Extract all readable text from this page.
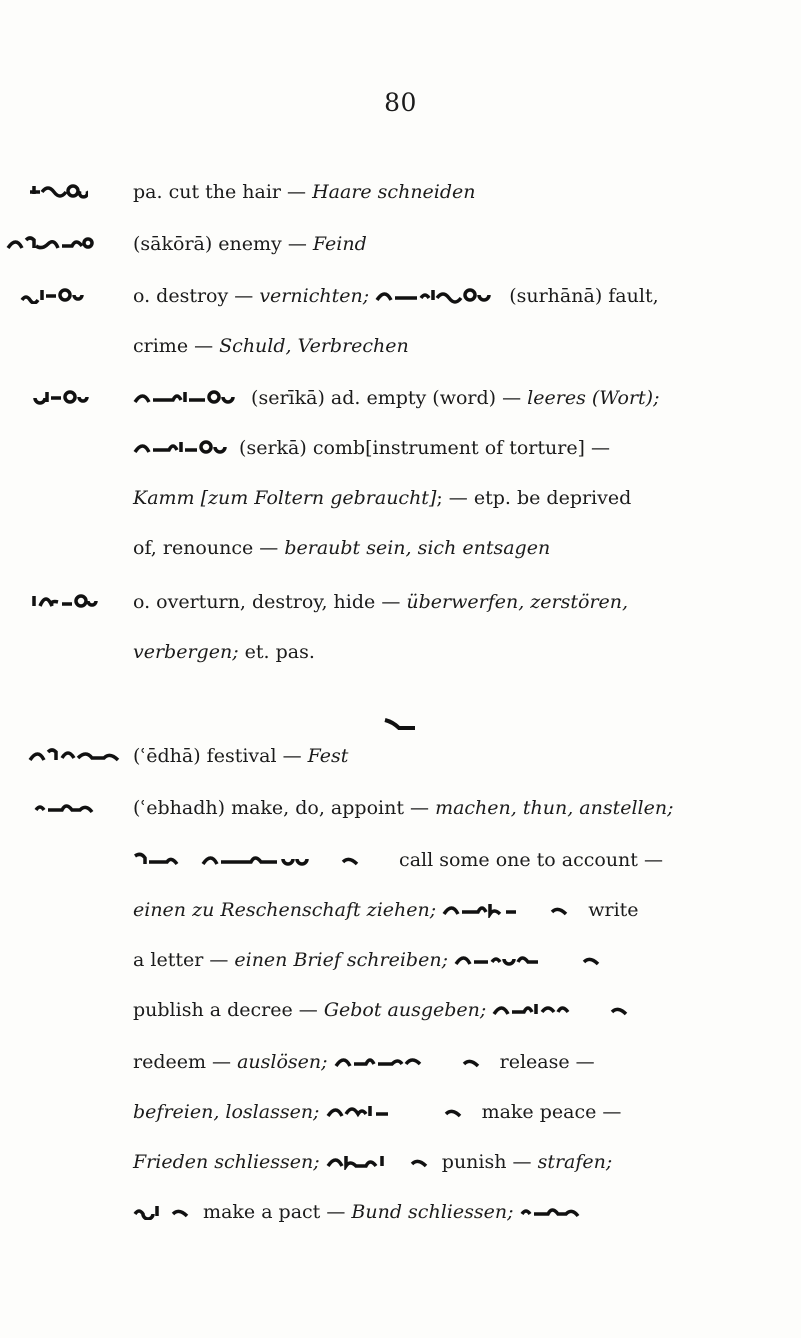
80
pa. cut the hair — Haare schneiden
(sākōrā) enemy — Feind
o. destroy — vernichten;	(surhānā) fault,
crime — Schuld, Verbrechen
(serīkā) ad. empty (word) — leeres (Wort);
(serkā) comb[instrument of torture] —
Kamm [zum Foltern gebraucht]; — etp. be deprived
of, renounce — beraubt sein, sich entsagen
o. overturn, destroy, hide — überwerfen, zerstören,
verbergen; et. pas.
(ʿēdhā) festival — Fest
(ʿebhadh) make, do, appoint — machen, thun, anstellen;
call some one to account —
einen zu Reschenschaft ziehen;	write
a letter — einen Brief schreiben;
publish a decree — Gebot ausgeben;
redeem — auslösen;	release —
befreien, loslassen;	make peace —
Frieden schliessen;	punish — strafen;
make a pact — Bund schliessen;
